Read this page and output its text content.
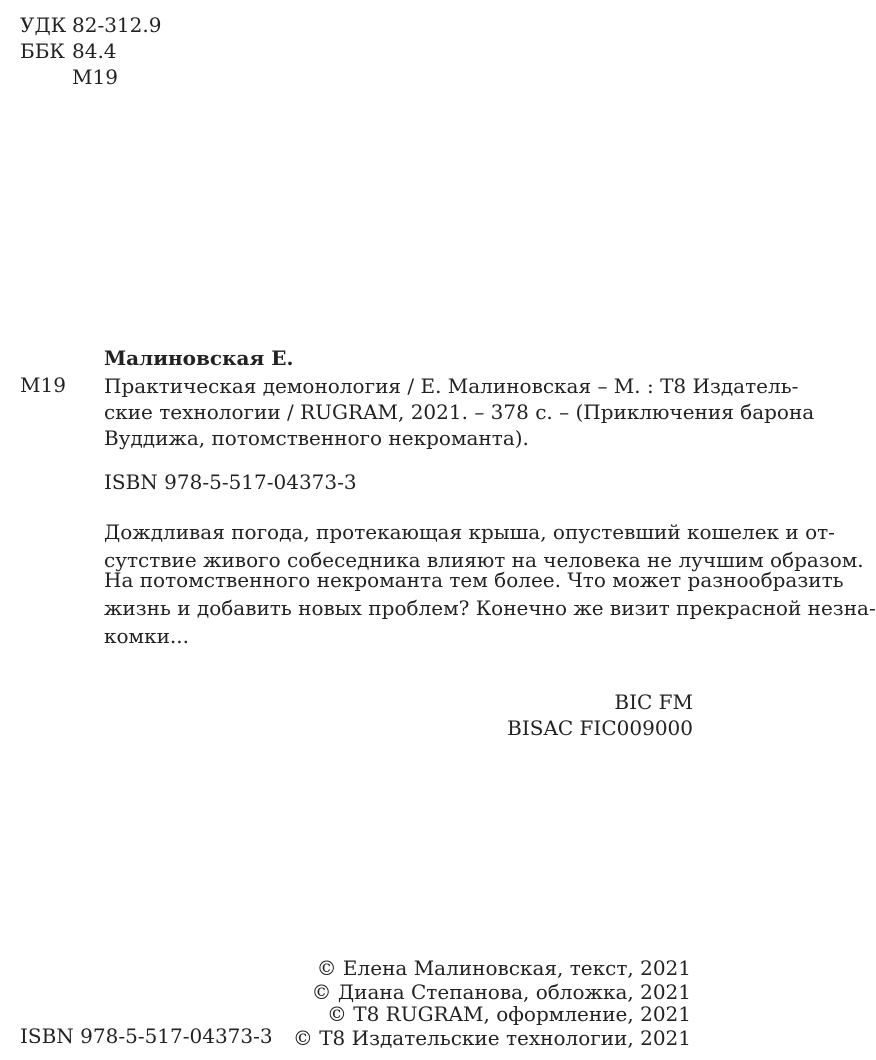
УДК 82-312.9
ББК 84.4
М19
Малиновская Е.
М19 Практическая демонология / Е. Малиновская – М. : Т8 Издатель-
ские технологии / RUGRAM, 2021. – 378 с. – (Приключения барона
Вуддижа, потомственного некроманта).
ISBN 978-5-517-04373-3
Дождливая погода, протекающая крыша, опустевший кошелек и от-
сутствие живого собеседника влияют на человека не лучшим образом.
На потомственного некроманта тем более. Что может разнообразить
жизнь и добавить новых проблем? Конечно же визит прекрасной незна-
комки...
BIC FM
BISAC FIC009000
© Елена Малиновская, текст, 2021
© Диана Степанова, обложка, 2021
© Т8 RUGRAM, оформление, 2021
© Т8 Издательские технологии, 2021
ISBN 978-5-517-04373-3
